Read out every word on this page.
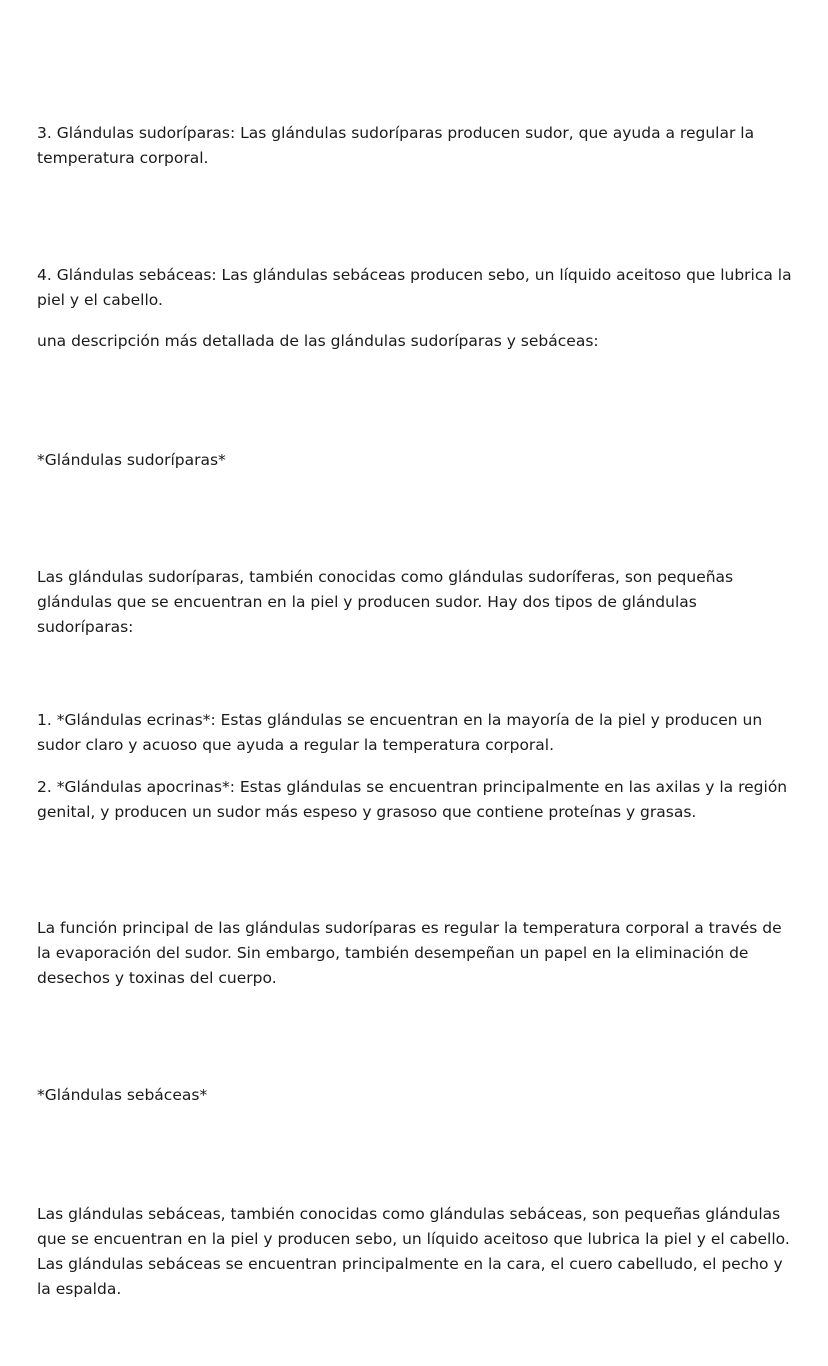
3. Glándulas sudoríparas: Las glándulas sudoríparas producen sudor, que ayuda a regular la temperatura corporal.

4. Glándulas sebáceas: Las glándulas sebáceas producen sebo, un líquido aceitoso que lubrica la piel y el cabello.

una descripción más detallada de las glándulas sudoríparas y sebáceas:

*Glándulas sudoríparas*

Las glándulas sudoríparas, también conocidas como glándulas sudoríferas, son pequeñas glándulas que se encuentran en la piel y producen sudor. Hay dos tipos de glándulas sudoríparas:

1. *Glándulas ecrinas*: Estas glándulas se encuentran en la mayoría de la piel y producen un sudor claro y acuoso que ayuda a regular la temperatura corporal.

2. *Glándulas apocrinas*: Estas glándulas se encuentran principalmente en las axilas y la región genital, y producen un sudor más espeso y grasoso que contiene proteínas y grasas.

La función principal de las glándulas sudoríparas es regular la temperatura corporal a través de la evaporación del sudor. Sin embargo, también desempeñan un papel en la eliminación de desechos y toxinas del cuerpo.

*Glándulas sebáceas*

Las glándulas sebáceas, también conocidas como glándulas sebáceas, son pequeñas glándulas que se encuentran en la piel y producen sebo, un líquido aceitoso que lubrica la piel y el cabello. Las glándulas sebáceas se encuentran principalmente en la cara, el cuero cabelludo, el pecho y la espalda.
